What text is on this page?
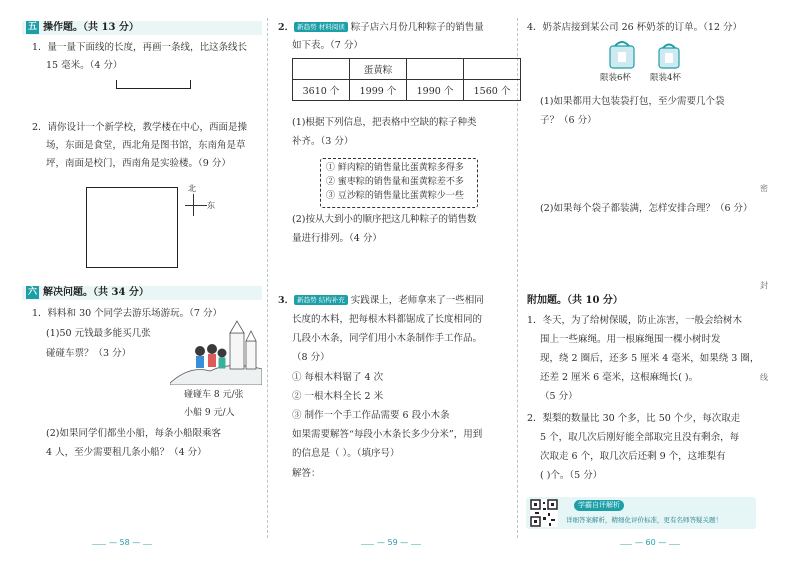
五 操作题。（共 13 分）
1．量一量下面线的长度，再画一条线，比这条线长
15 毫米。（4 分）
2．请你设计一个新学校，教学楼在中心，西面是操
场，东面是食堂，西北角是图书馆，东南角是草
坪，南面是校门，西南角是实验楼。（9 分）
北
东
六 解决问题。（共 34 分）
1．料料和 30 个同学去游乐场游玩。（7 分）
(1)50 元钱最多能买几张
碰碰车票？（3 分）
碰碰车 8 元/张
小船 9 元/人
(2)如果同学们都坐小船，每条小船限乘客
4 人，至少需要租几条小船？（4 分）
2． 新趋势 材料阅读 粽子店六月份几种粽子的销售量
如下表。（7 分）
	蛋黄粽		
3610 个	1999 个	1990 个	1560 个
(1)根据下列信息，把表格中空缺的粽子种类
补齐。（3 分）
① 鲜肉粽的销售量比蛋黄粽多得多
② 蜜枣粽的销售量和蛋黄粽差不多
③ 豆沙粽的销售量比蛋黄粽少一些
(2)按从大到小的顺序把这几种粽子的销售数
量进行排列。（4 分）
3． 新趋势 结构补充 实践课上，老师拿来了一些相同
长度的木料，把每根木料都锯成了长度相同的
几段小木条，同学们用小木条制作手工作品。
（8 分）
① 每根木料锯了 4 次
② 一根木料全长 2 米
③ 制作一个手工作品需要 6 段小木条
如果需要解答“每段小木条长多少分米”，用到
的信息是（ ）。（填序号）
解答：
4．奶茶店接到某公司 26 杯奶茶的订单。（12 分）
限装6杯 限装4杯
(1)如果都用大包装袋打包，至少需要几个袋
子？（6 分）
(2)如果每个袋子都装满，怎样安排合理？（6 分）
附加题。（共 10 分）
1．冬天，为了给树保暖，防止冻害，一般会给树木
围上一些麻绳。用一根麻绳围一棵小树时发
现，绕 2 圈后，还多 5 厘米 4 毫米，如果绕 3 圈，
还差 2 厘米 6 毫米，这根麻绳长( )。
（5 分）
2．梨梨的数量比 30 个多，比 50 个少，每次取走
5 个，取几次后刚好能全部取完且没有剩余，每
次取走 6 个，取几次后还剩 9 个，这堆梨有
( )个。（5 分）
学霸自评解析
详细答案解析，精细化评价标准，更有名师答疑关题！
密
封
线
— 58 —	— 59 —	— 60 —
